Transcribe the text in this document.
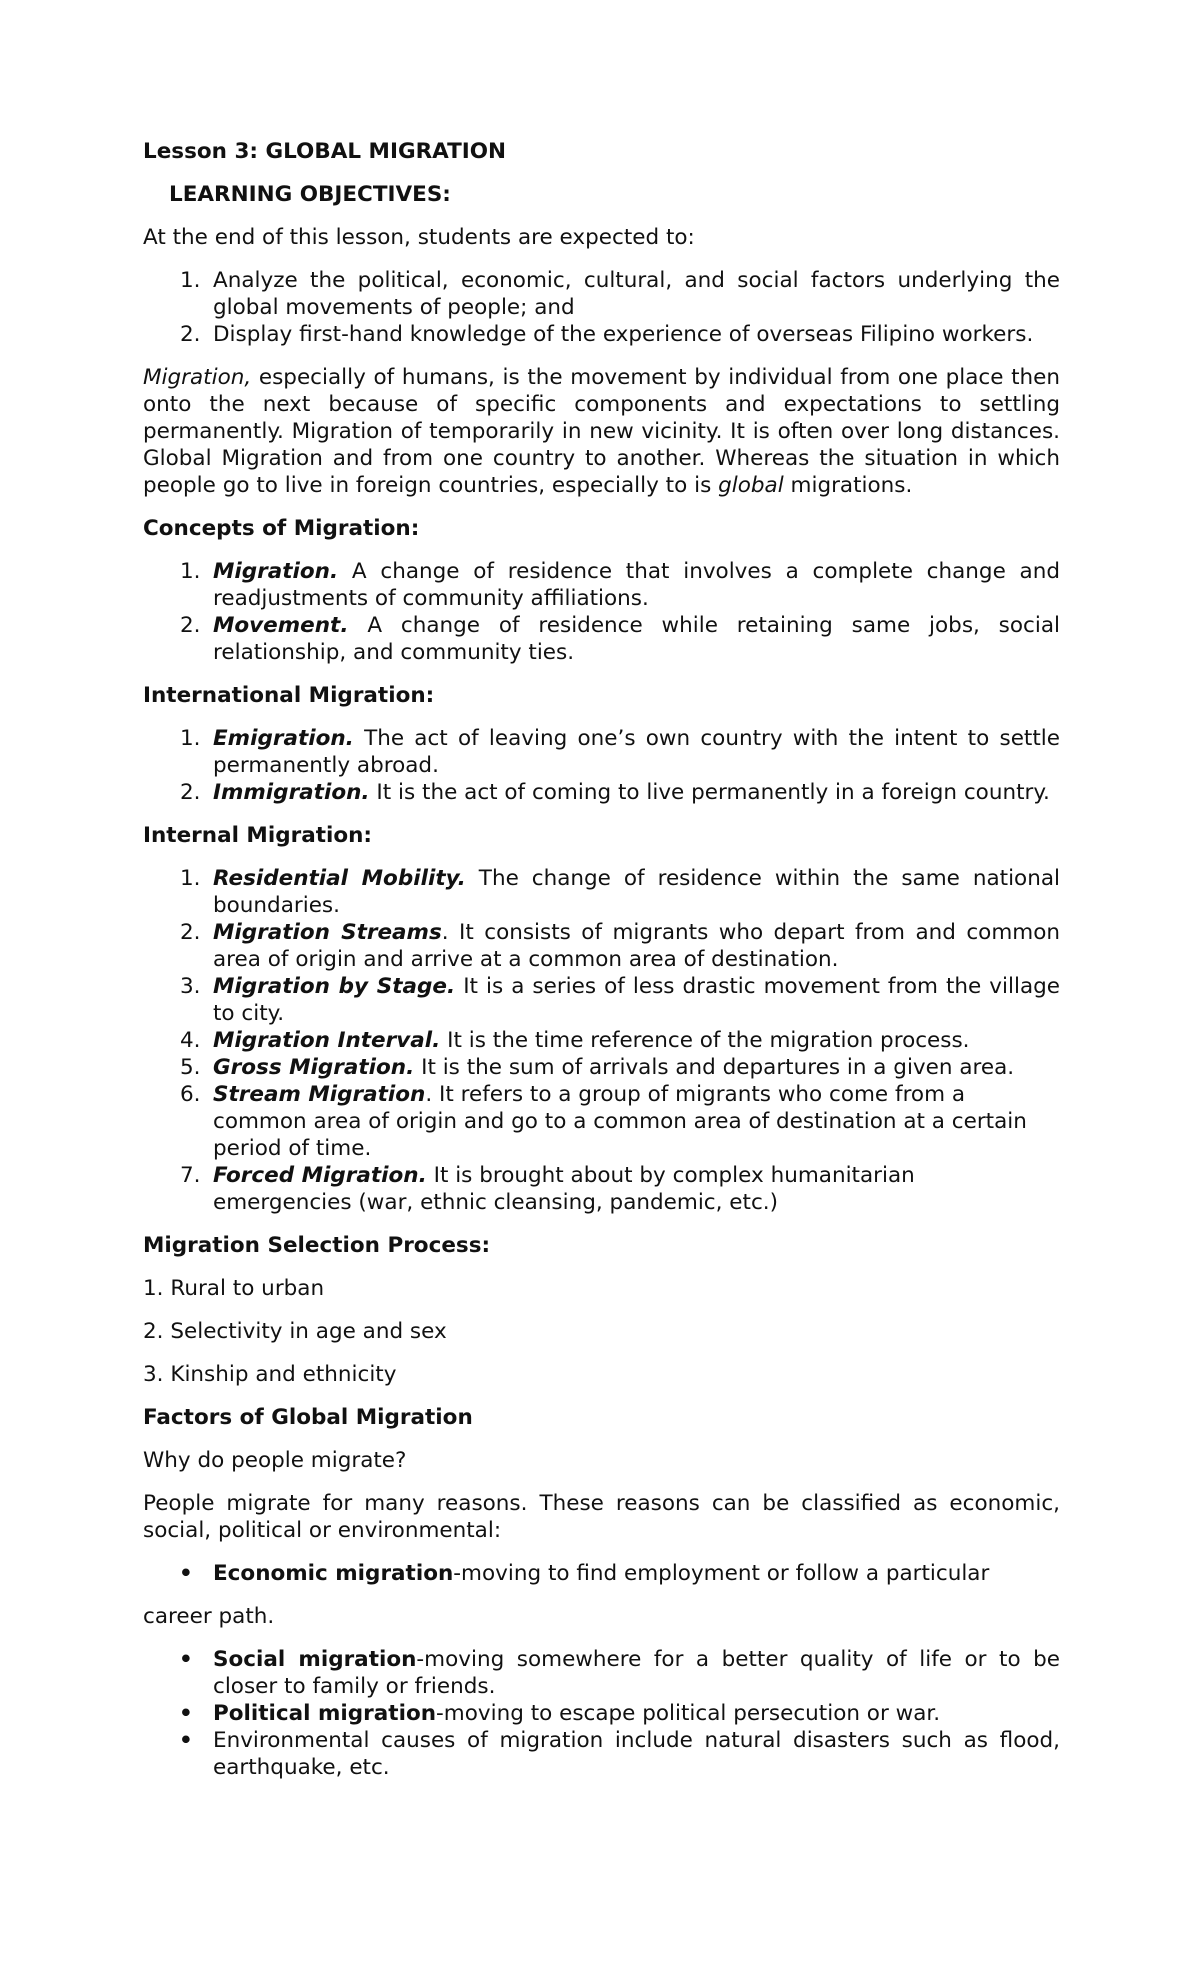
Lesson 3: GLOBAL MIGRATION
LEARNING OBJECTIVES:

At the end of this lesson, students are expected to:

1. Analyze the political, economic, cultural, and social factors underlying the global movements of people; and
2. Display first-hand knowledge of the experience of overseas Filipino workers.

Migration, especially of humans, is the movement by individual from one place then onto the next because of specific components and expectations to settling permanently. Migration of temporarily in new vicinity. It is often over long distances. Global Migration and from one country to another. Whereas the situation in which people go to live in foreign countries, especially to is global migrations.

Concepts of Migration:
1. Migration. A change of residence that involves a complete change and readjustments of community affiliations.
2. Movement. A change of residence while retaining same jobs, social relationship, and community ties.
International Migration:
1. Emigration. The act of leaving one’s own country with the intent to settle permanently abroad.
2. Immigration. It is the act of coming to live permanently in a foreign country.
Internal Migration:
1. Residential Mobility. The change of residence within the same national boundaries.
2. Migration Streams. It consists of migrants who depart from and common area of origin and arrive at a common area of destination.
3. Migration by Stage. It is a series of less drastic movement from the village to city.
4. Migration Interval. It is the time reference of the migration process.
5. Gross Migration. It is the sum of arrivals and departures in a given area.
6. Stream Migration. It refers to a group of migrants who come from a common area of origin and go to a common area of destination at a certain period of time.
7. Forced Migration. It is brought about by complex humanitarian emergencies (war, ethnic cleansing, pandemic, etc.)
Migration Selection Process:

1. Rural to urban

2. Selectivity in age and sex

3. Kinship and ethnicity

Factors of Global Migration

Why do people migrate?

People migrate for many reasons. These reasons can be classified as economic, social, political or environmental:

• Economic migration-moving to find employment or follow a particular

career path.

• Social migration-moving somewhere for a better quality of life or to be closer to family or friends.
• Political migration-moving to escape political persecution or war.
• Environmental causes of migration include natural disasters such as flood, earthquake, etc.
